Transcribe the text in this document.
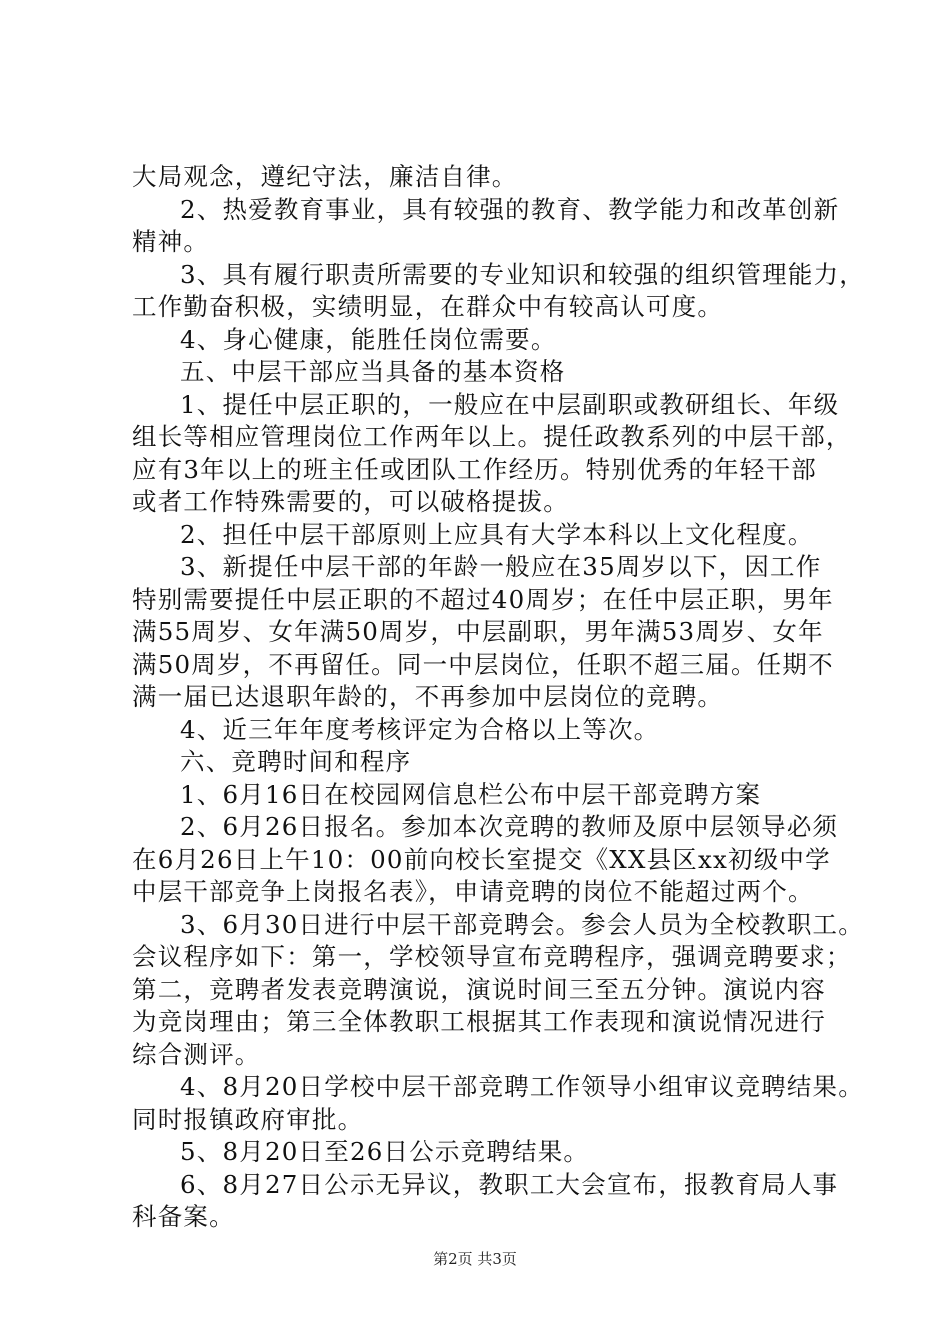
大局观念，遵纪守法，廉洁自律。
2、热爱教育事业，具有较强的教育、教学能力和改革创新
精神。
3、具有履行职责所需要的专业知识和较强的组织管理能力，
工作勤奋积极，实绩明显，在群众中有较高认可度。
4、身心健康，能胜任岗位需要。
五、中层干部应当具备的基本资格
1、提任中层正职的，一般应在中层副职或教研组长、年级
组长等相应管理岗位工作两年以上。提任政教系列的中层干部，
应有3年以上的班主任或团队工作经历。特别优秀的年轻干部
或者工作特殊需要的，可以破格提拔。
2、担任中层干部原则上应具有大学本科以上文化程度。
3、新提任中层干部的年龄一般应在35周岁以下，因工作
特别需要提任中层正职的不超过40周岁；在任中层正职，男年
满55周岁、女年满50周岁，中层副职，男年满53周岁、女年
满50周岁，不再留任。同一中层岗位，任职不超三届。任期不
满一届已达退职年龄的，不再参加中层岗位的竞聘。
4、近三年年度考核评定为合格以上等次。
六、竞聘时间和程序
1、6月16日在校园网信息栏公布中层干部竞聘方案
2、6月26日报名。参加本次竞聘的教师及原中层领导必须
在6月26日上午10：00前向校长室提交《XX县区xx初级中学
中层干部竞争上岗报名表》，申请竞聘的岗位不能超过两个。
3、6月30日进行中层干部竞聘会。参会人员为全校教职工。
会议程序如下：第一，学校领导宣布竞聘程序，强调竞聘要求；
第二，竞聘者发表竞聘演说，演说时间三至五分钟。演说内容
为竞岗理由；第三全体教职工根据其工作表现和演说情况进行
综合测评。
4、8月20日学校中层干部竞聘工作领导小组审议竞聘结果。
同时报镇政府审批。
5、8月20日至26日公示竞聘结果。
第2页 共3页
6、8月27日公示无异议，教职工大会宣布，报教育局人事
科备案。
